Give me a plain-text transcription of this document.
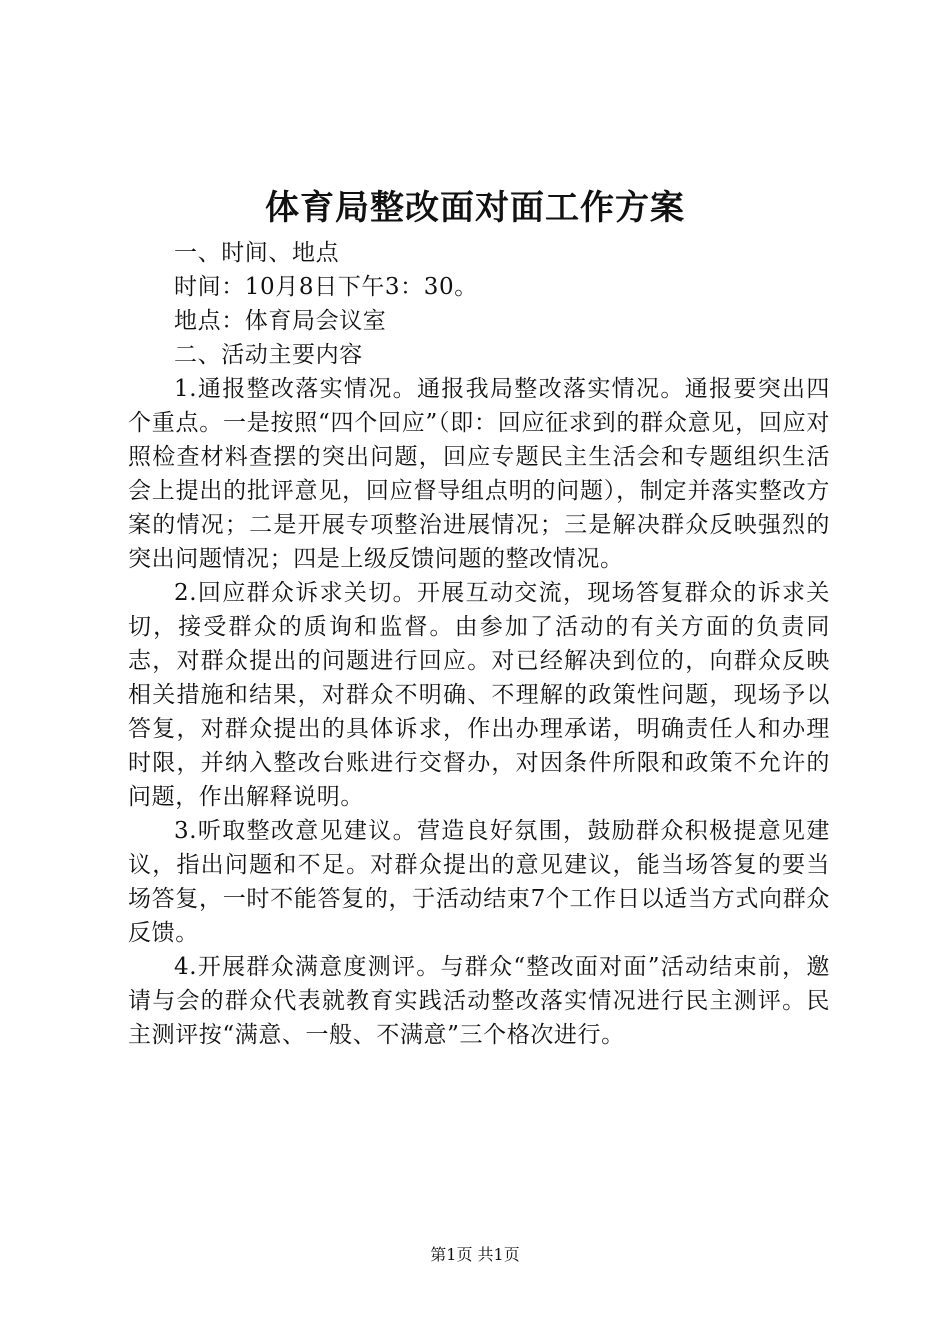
体育局整改面对面工作方案

一、时间、地点

时间：10月8日下午3：30。

地点：体育局会议室

二、活动主要内容

1.通报整改落实情况。通报我局整改落实情况。通报要突出四个重点。一是按照“四个回应”（即：回应征求到的群众意见，回应对照检查材料查摆的突出问题，回应专题民主生活会和专题组织生活会上提出的批评意见，回应督导组点明的问题），制定并落实整改方案的情况；二是开展专项整治进展情况；三是解决群众反映强烈的突出问题情况；四是上级反馈问题的整改情况。

2.回应群众诉求关切。开展互动交流，现场答复群众的诉求关切，接受群众的质询和监督。由参加了活动的有关方面的负责同志，对群众提出的问题进行回应。对已经解决到位的，向群众反映相关措施和结果，对群众不明确、不理解的政策性问题，现场予以答复，对群众提出的具体诉求，作出办理承诺，明确责任人和办理时限，并纳入整改台账进行交督办，对因条件所限和政策不允许的问题，作出解释说明。

3.听取整改意见建议。营造良好氛围，鼓励群众积极提意见建议，指出问题和不足。对群众提出的意见建议，能当场答复的要当场答复，一时不能答复的，于活动结束7个工作日以适当方式向群众反馈。

4.开展群众满意度测评。与群众“整改面对面”活动结束前，邀请与会的群众代表就教育实践活动整改落实情况进行民主测评。民主测评按“满意、一般、不满意”三个格次进行。

第1页 共1页
